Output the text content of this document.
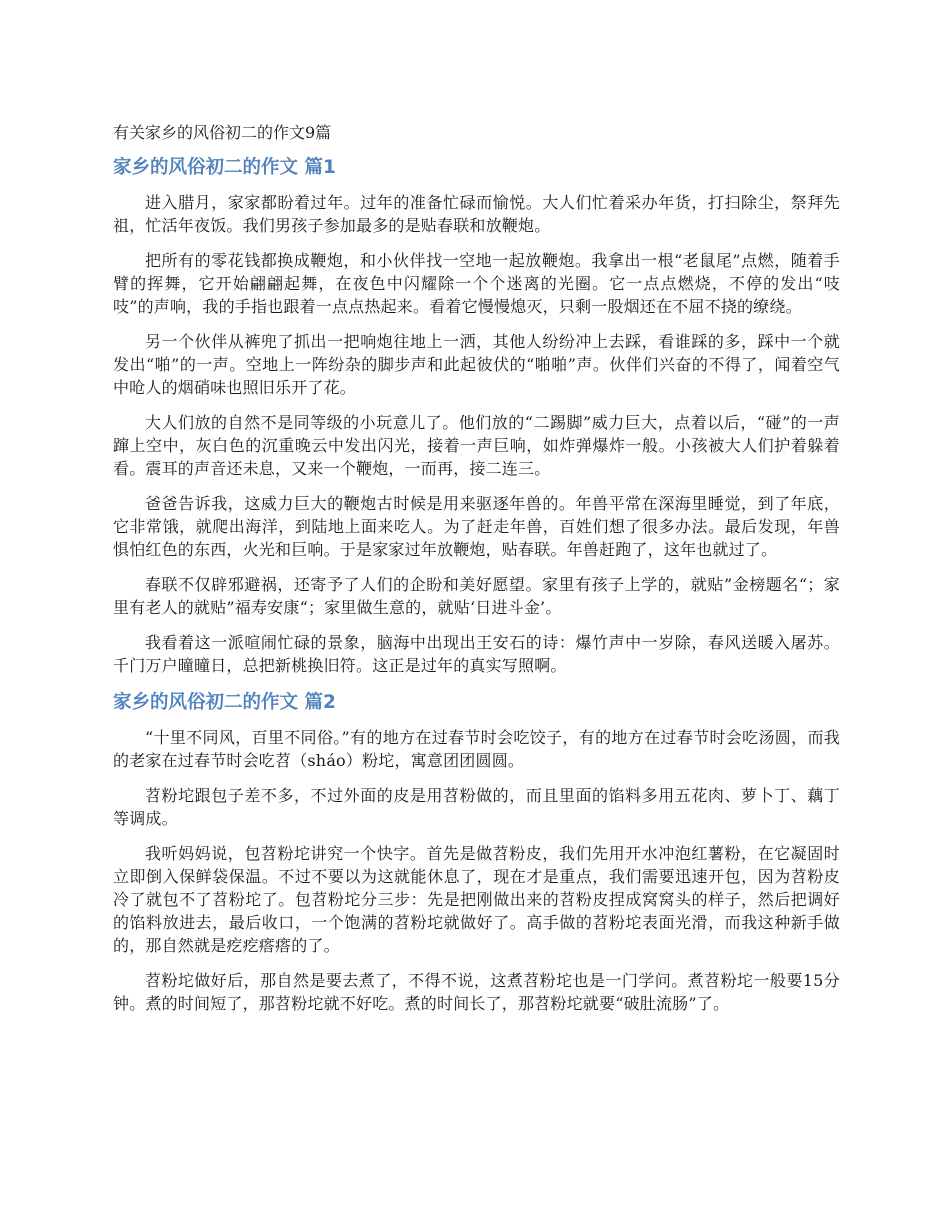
有关家乡的风俗初二的作文9篇
家乡的风俗初二的作文 篇1

进入腊月，家家都盼着过年。过年的准备忙碌而愉悦。大人们忙着采办年货，打扫除尘，祭拜先祖，忙活年夜饭。我们男孩子参加最多的是贴春联和放鞭炮。

把所有的零花钱都换成鞭炮，和小伙伴找一空地一起放鞭炮。我拿出一根“老鼠尾”点燃，随着手臂的挥舞，它开始翩翩起舞，在夜色中闪耀除一个个迷离的光圈。它一点点燃烧，不停的发出“吱吱”的声响，我的手指也跟着一点点热起来。看着它慢慢熄灭，只剩一股烟还在不屈不挠的缭绕。

另一个伙伴从裤兜了抓出一把响炮往地上一洒，其他人纷纷冲上去踩，看谁踩的多，踩中一个就发出“啪”的一声。空地上一阵纷杂的脚步声和此起彼伏的“啪啪”声。伙伴们兴奋的不得了，闻着空气中呛人的烟硝味也照旧乐开了花。

大人们放的自然不是同等级的小玩意儿了。他们放的“二踢脚”威力巨大，点着以后，“碰”的一声蹿上空中，灰白色的沉重晚云中发出闪光，接着一声巨响，如炸弹爆炸一般。小孩被大人们护着躲着看。震耳的声音还未息，又来一个鞭炮，一而再，接二连三。

爸爸告诉我，这威力巨大的鞭炮古时候是用来驱逐年兽的。年兽平常在深海里睡觉，到了年底，它非常饿，就爬出海洋，到陆地上面来吃人。为了赶走年兽，百姓们想了很多办法。最后发现，年兽惧怕红色的东西，火光和巨响。于是家家过年放鞭炮，贴春联。年兽赶跑了，这年也就过了。

春联不仅辟邪避祸，还寄予了人们的企盼和美好愿望。家里有孩子上学的，就贴”金榜题名“；家里有老人的就贴”福寿安康“；家里做生意的，就贴‘日进斗金’。

我看着这一派喧闹忙碌的景象，脑海中出现出王安石的诗：爆竹声中一岁除，春风送暖入屠苏。千门万户曈曈日，总把新桃换旧符。这正是过年的真实写照啊。

家乡的风俗初二的作文 篇2

“十里不同风，百里不同俗。”有的地方在过春节时会吃饺子，有的地方在过春节时会吃汤圆，而我的老家在过春节时会吃苕（sháo）粉坨，寓意团团圆圆。

苕粉坨跟包子差不多，不过外面的皮是用苕粉做的，而且里面的馅料多用五花肉、萝卜丁、藕丁等调成。

我听妈妈说，包苕粉坨讲究一个快字。首先是做苕粉皮，我们先用开水冲泡红薯粉，在它凝固时立即倒入保鲜袋保温。不过不要以为这就能休息了，现在才是重点，我们需要迅速开包，因为苕粉皮冷了就包不了苕粉坨了。包苕粉坨分三步：先是把刚做出来的苕粉皮捏成窝窝头的样子，然后把调好的馅料放进去，最后收口，一个饱满的苕粉坨就做好了。高手做的苕粉坨表面光滑，而我这种新手做的，那自然就是疙疙瘩瘩的了。

苕粉坨做好后，那自然是要去煮了，不得不说，这煮苕粉坨也是一门学问。煮苕粉坨一般要15分钟。煮的时间短了，那苕粉坨就不好吃。煮的时间长了，那苕粉坨就要“破肚流肠”了。
